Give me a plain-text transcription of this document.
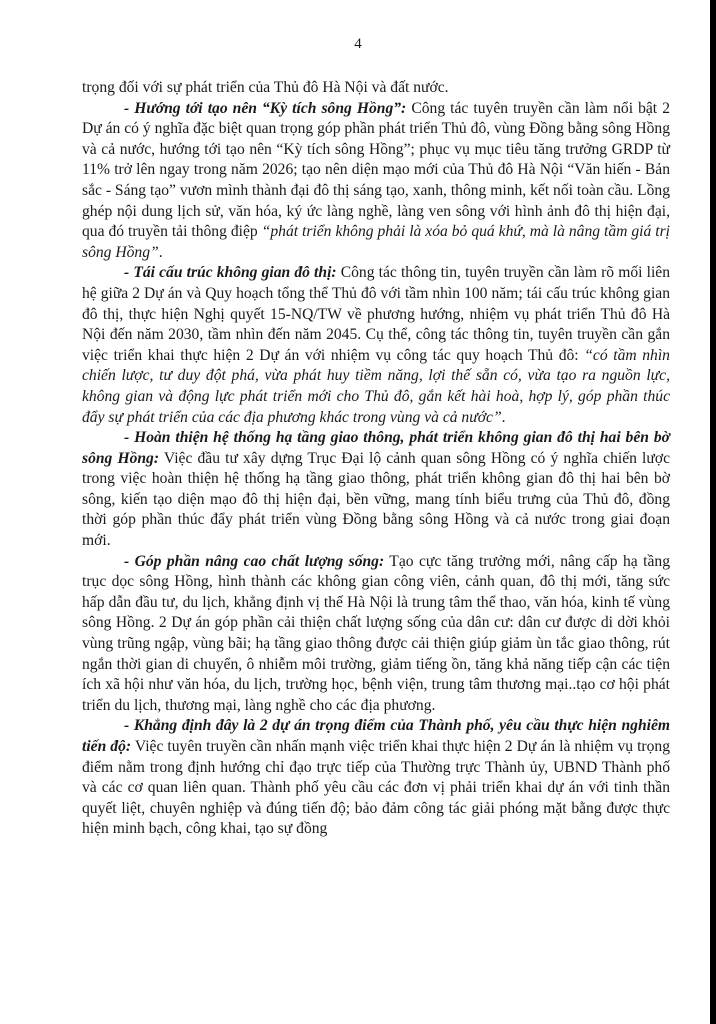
4

trọng đối với sự phát triển của Thủ đô Hà Nội và đất nước.

- Hướng tới tạo nên “Kỳ tích sông Hồng”: Công tác tuyên truyền cần làm nổi bật 2 Dự án có ý nghĩa đặc biệt quan trọng góp phần phát triển Thủ đô, vùng Đồng bằng sông Hồng và cả nước, hướng tới tạo nên “Kỳ tích sông Hồng”; phục vụ mục tiêu tăng trưởng GRDP từ 11% trở lên ngay trong năm 2026; tạo nên diện mạo mới của Thủ đô Hà Nội “Văn hiến - Bản sắc - Sáng tạo” vươn mình thành đại đô thị sáng tạo, xanh, thông minh, kết nối toàn cầu. Lồng ghép nội dung lịch sử, văn hóa, ký ức làng nghề, làng ven sông với hình ảnh đô thị hiện đại, qua đó truyền tải thông điệp “phát triển không phải là xóa bỏ quá khứ, mà là nâng tầm giá trị sông Hồng”.

- Tái cấu trúc không gian đô thị: Công tác thông tin, tuyên truyền cần làm rõ mối liên hệ giữa 2 Dự án và Quy hoạch tổng thể Thủ đô với tầm nhìn 100 năm; tái cấu trúc không gian đô thị, thực hiện Nghị quyết 15-NQ/TW về phương hướng, nhiệm vụ phát triển Thủ đô Hà Nội đến năm 2030, tầm nhìn đến năm 2045. Cụ thể, công tác thông tin, tuyên truyền cần gắn việc triển khai thực hiện 2 Dự án với nhiệm vụ công tác quy hoạch Thủ đô: “có tầm nhìn chiến lược, tư duy đột phá, vừa phát huy tiềm năng, lợi thế sẵn có, vừa tạo ra nguồn lực, không gian và động lực phát triển mới cho Thủ đô, gắn kết hài hoà, hợp lý, góp phần thúc đẩy sự phát triển của các địa phương khác trong vùng và cả nước”.

- Hoàn thiện hệ thống hạ tầng giao thông, phát triển không gian đô thị hai bên bờ sông Hồng: Việc đầu tư xây dựng Trục Đại lộ cảnh quan sông Hồng có ý nghĩa chiến lược trong việc hoàn thiện hệ thống hạ tầng giao thông, phát triển không gian đô thị hai bên bờ sông, kiến tạo diện mạo đô thị hiện đại, bền vững, mang tính biểu trưng của Thủ đô, đồng thời góp phần thúc đẩy phát triển vùng Đồng bằng sông Hồng và cả nước trong giai đoạn mới.

- Góp phần nâng cao chất lượng sống: Tạo cực tăng trưởng mới, nâng cấp hạ tầng trục dọc sông Hồng, hình thành các không gian công viên, cảnh quan, đô thị mới, tăng sức hấp dẫn đầu tư, du lịch, khẳng định vị thế Hà Nội là trung tâm thể thao, văn hóa, kinh tế vùng sông Hồng. 2 Dự án góp phần cải thiện chất lượng sống của dân cư: dân cư được di dời khỏi vùng trũng ngập, vùng bãi; hạ tầng giao thông được cải thiện giúp giảm ùn tắc giao thông, rút ngắn thời gian di chuyển, ô nhiễm môi trường, giảm tiếng ồn, tăng khả năng tiếp cận các tiện ích xã hội như văn hóa, du lịch, trường học, bệnh viện, trung tâm thương mại..tạo cơ hội phát triển du lịch, thương mại, làng nghề cho các địa phương.

- Khẳng định đây là 2 dự án trọng điểm của Thành phố, yêu cầu thực hiện nghiêm tiến độ: Việc tuyên truyền cần nhấn mạnh việc triển khai thực hiện 2 Dự án là nhiệm vụ trọng điểm nằm trong định hướng chỉ đạo trực tiếp của Thường trực Thành ủy, UBND Thành phố và các cơ quan liên quan. Thành phố yêu cầu các đơn vị phải triển khai dự án với tinh thần quyết liệt, chuyên nghiệp và đúng tiến độ; bảo đảm công tác giải phóng mặt bằng được thực hiện minh bạch, công khai, tạo sự đồng
